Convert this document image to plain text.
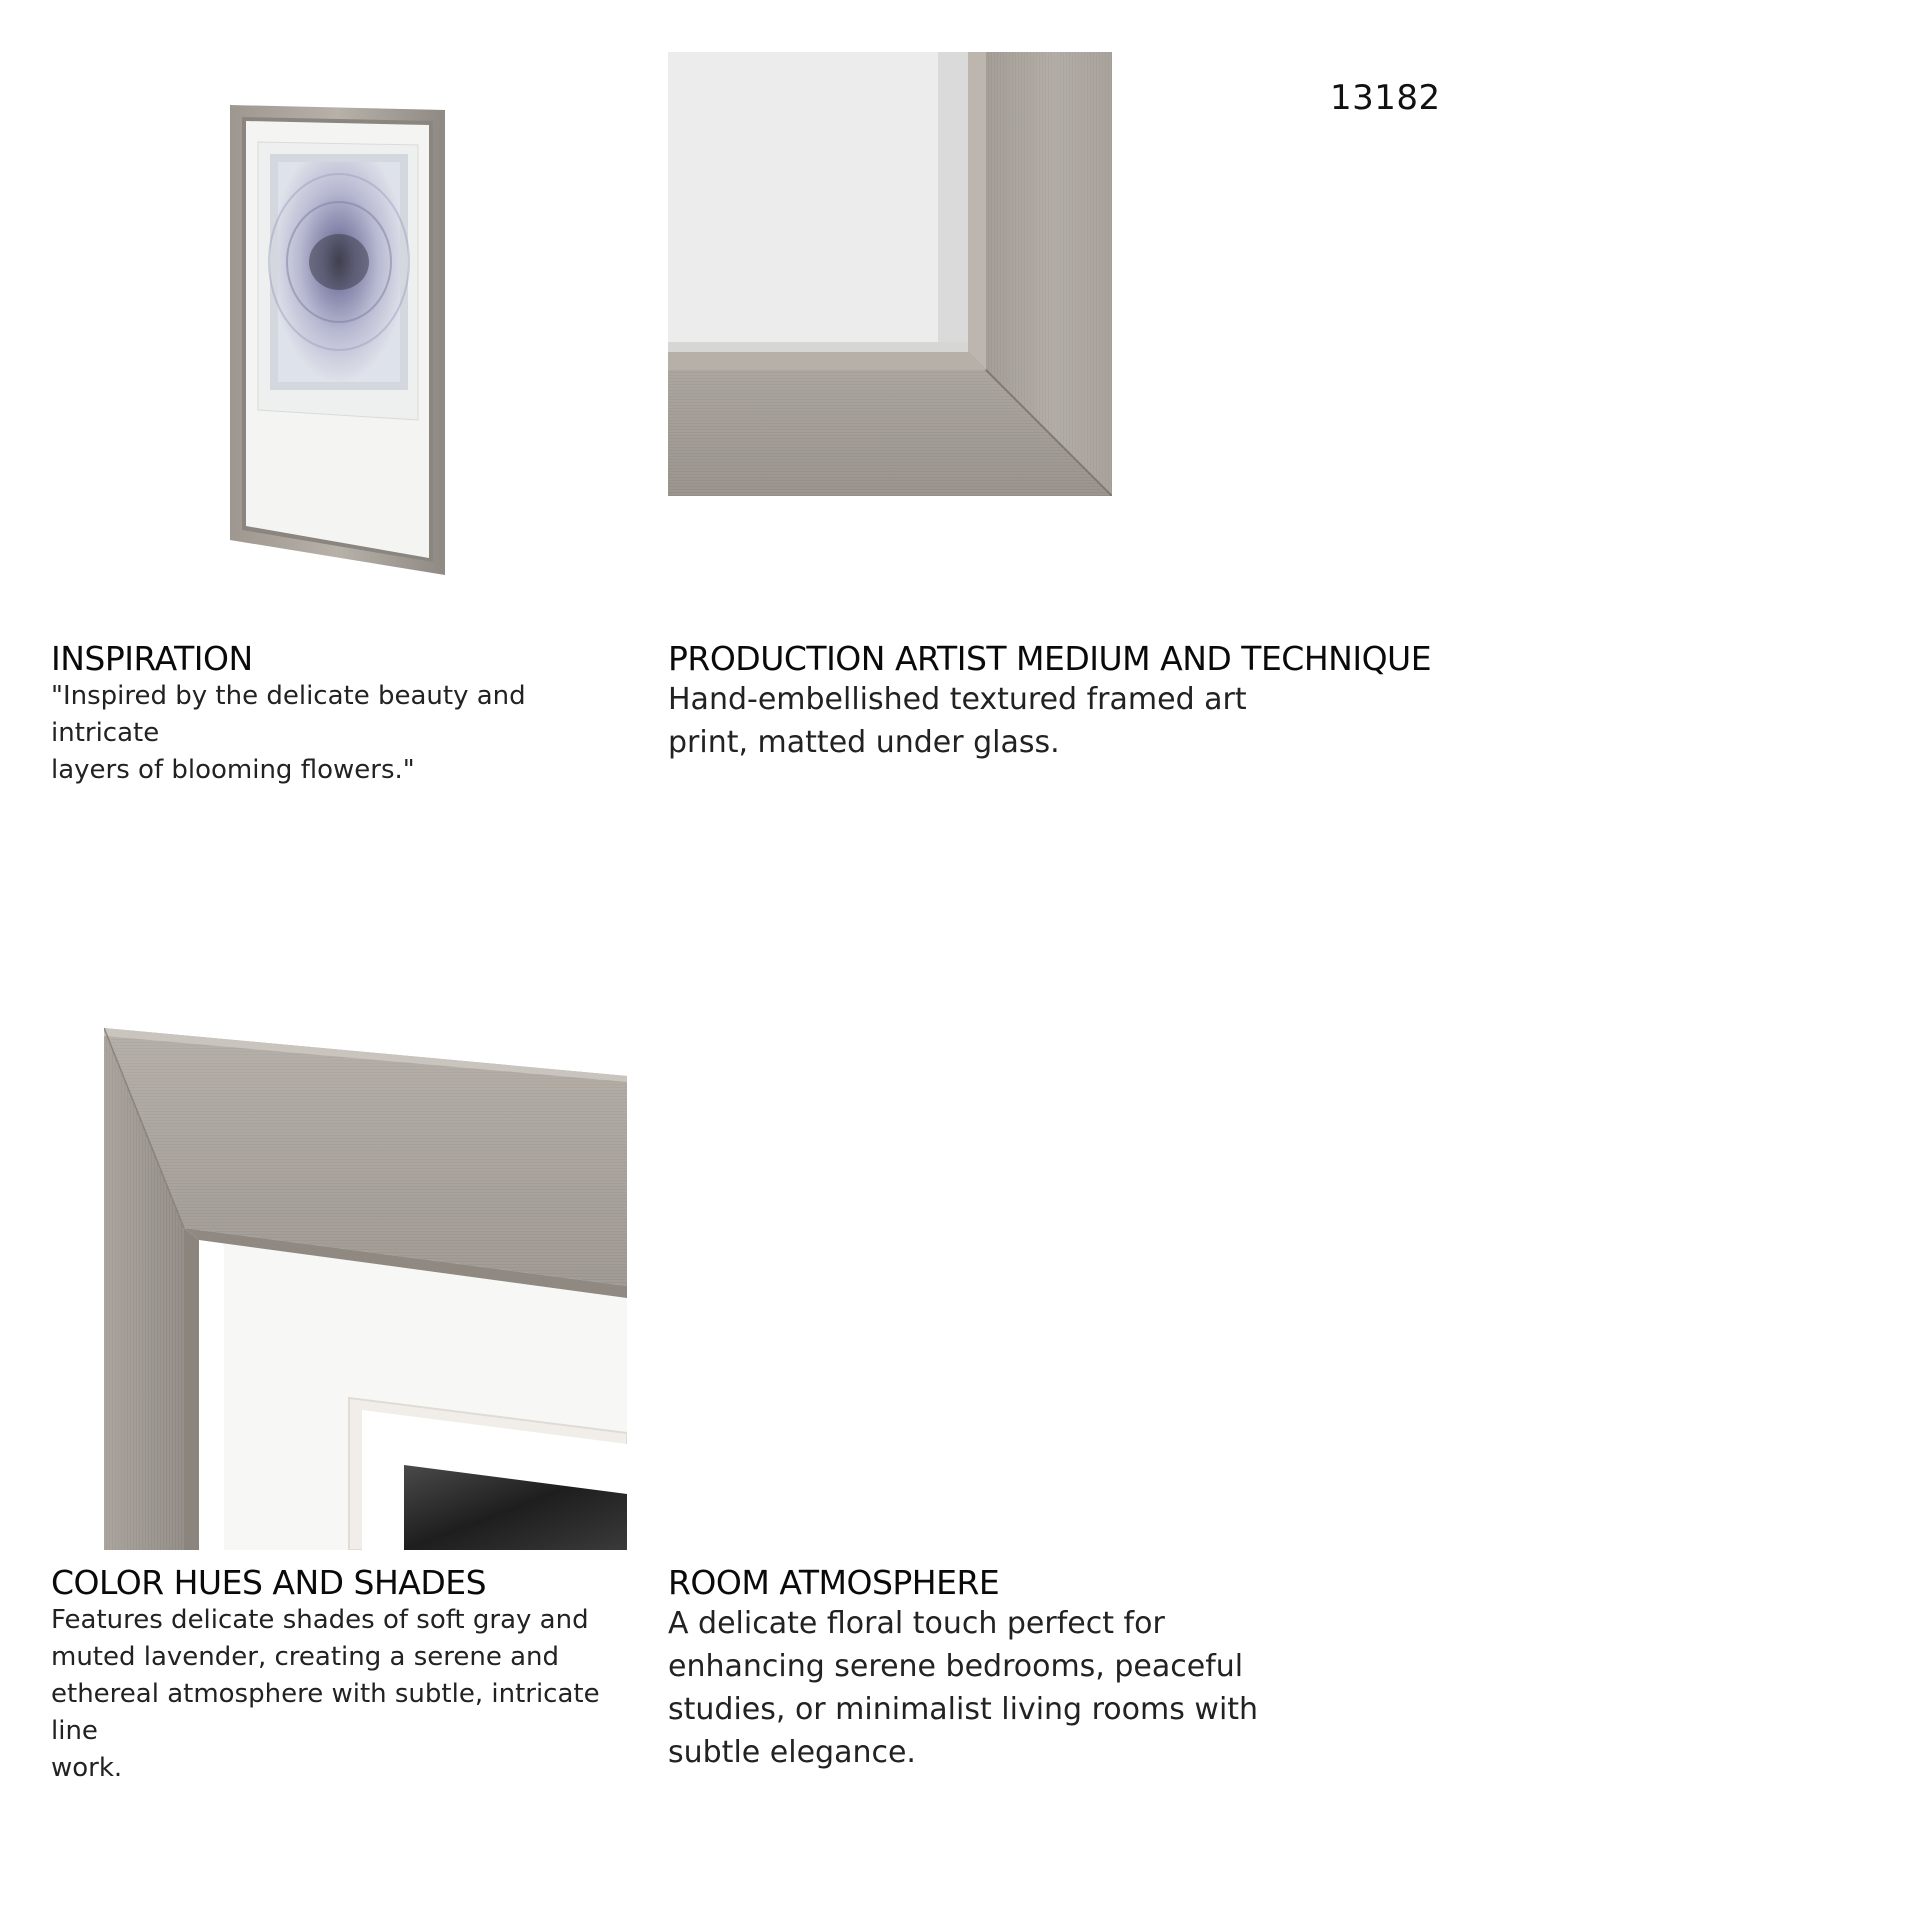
13182
INSPIRATION
"Inspired by the delicate beauty and intricate
layers of blooming flowers."
PRODUCTION ARTIST MEDIUM AND TECHNIQUE
Hand-embellished textured framed art
print, matted under glass.
COLOR HUES AND SHADES
Features delicate shades of soft gray and
muted lavender, creating a serene and
ethereal atmosphere with subtle, intricate line
work.
ROOM ATMOSPHERE
A delicate floral touch perfect for
enhancing serene bedrooms, peaceful
studies, or minimalist living rooms with
subtle elegance.
